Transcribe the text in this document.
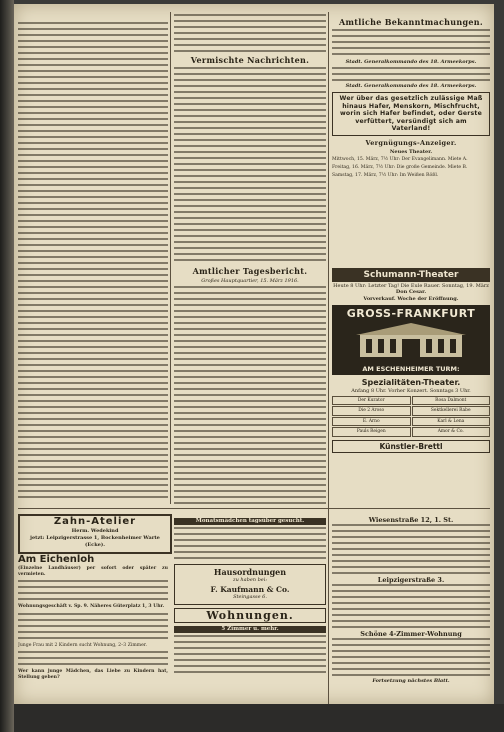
Vermischte Nachrichten.
Amtlicher Tagesbericht.
Großes Hauptquartier, 15. März 1916.
Amtliche Bekanntmachungen.
Stadt. Generalkommando des 18. Armeekorps.
Stadt. Generalkommando des 18. Armeekorps.
Wer über das gesetzlich zulässige Maß hinaus Hafer, Menskorn, Mischfrucht, worin sich Hafer befindet, oder Gerste verfüttert, versündigt sich am Vaterland!
Vergnügungs-Anzeiger.
Neues Theater.

Mittwoch, 15. März, 7½ Uhr: Der Evangelimann. Miete A.

Freitag, 16. März, 7½ Uhr: Die große Gemeinde. Miete B.

Samstag, 17. März, 7½ Uhr: Im Weißen Rößl.

Schumann-Theater
Heute 8 Uhr: Letzter Tag! Die Eule Rauer. Sonntag, 19. März Don Cesar.
Vorverkauf. Woche der Eröffnung.
GROSS-FRANKFURT
AM ESCHENHEIMER TURM:
Spezialitäten-Theater.
Anfang 8 Uhr. Vorher Konzert. Sonntags 3 Uhr.
Der Kurator	Rosa Dalmont
Die 2 Aroso	Sektkellerei Rabe
E. Arno	Karl & Lena
Pauls Reigen	Amor & Co.
Künstler-Brettl
Zahn-Atelier
Herm. Wedekind
jetzt: Leipzigerstrasse 1, Bockenheimer Warte (Ecke).
Am Eichenloh

(Einzelne Landhäuser) per sofort oder später zu vermieten.

Wohnungsgeschäft v. Sp. 9. Näheres Güterplatz 1, 3 Uhr.

Junge Frau mit 2 Kindern sucht Wohnung, 2–3 Zimmer.

Wer kann junge Mädchen, das Liebe zu Kindern hat, Stellung geben?

Monatsmädchen tagsüber gesucht.
Hausordnungen
zu haben bei:
F. Kaufmann & Co.
Steingasse 6.
Wohnungen.
5 Zimmer u. mehr.
Wiesenstraße 12, 1. St.
Leipzigerstraße 3.
Schöne 4-Zimmer-Wohnung
Fortsetzung nächstes Blatt.
